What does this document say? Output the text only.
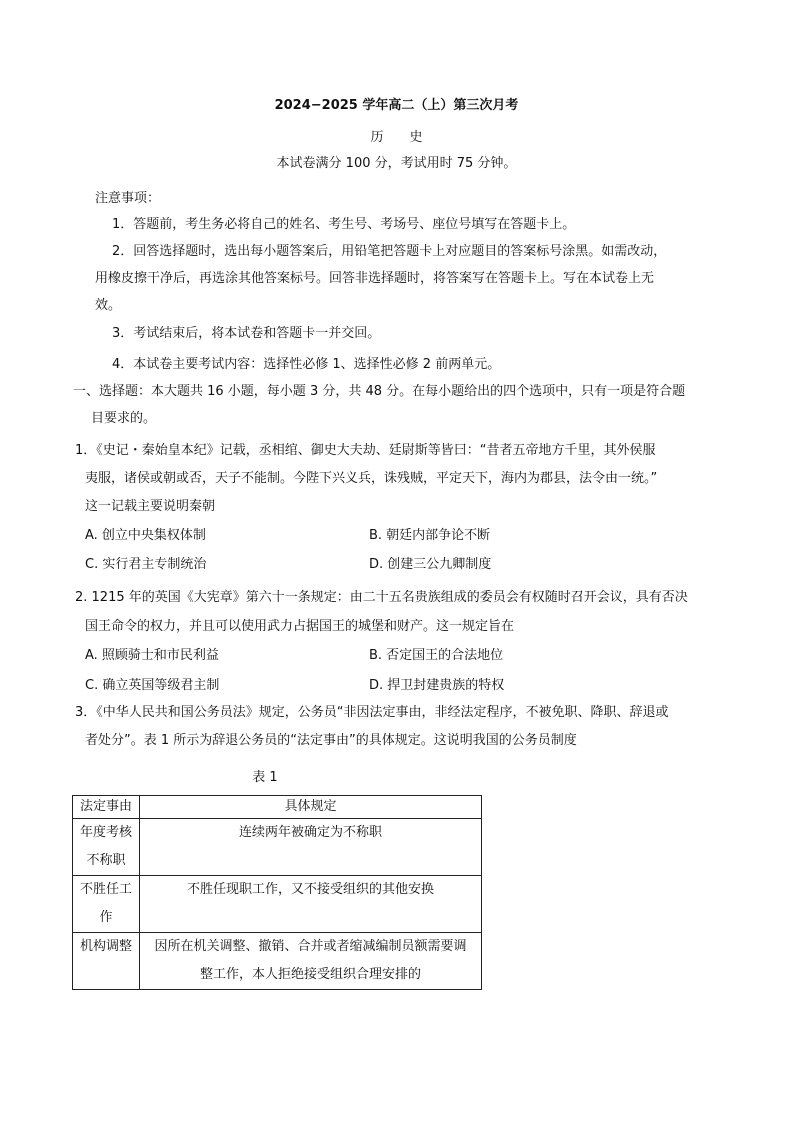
2024−2025 学年高二（上）第三次月考
历　　史
本试卷满分 100 分，考试用时 75 分钟。
注意事项：
1．答题前，考生务必将自己的姓名、考生号、考场号、座位号填写在答题卡上。
2．回答选择题时，选出每小题答案后，用铅笔把答题卡上对应题目的答案标号涂黑。如需改动，
用橡皮擦干净后，再选涂其他答案标号。回答非选择题时，将答案写在答题卡上。写在本试卷上无
效。
3．考试结束后，将本试卷和答题卡一并交回。
4．本试卷主要考试内容：选择性必修 1、选择性必修 2 前两单元。
一、选择题：本大题共 16 小题，每小题 3 分，共 48 分。在每小题给出的四个选项中，只有一项是符合题
目要求的。
1．《史记・秦始皇本纪》记载，丞相绾、御史大夫劫、廷尉斯等皆曰：“昔者五帝地方千里，其外侯服
夷服，诸侯或朝或否，天子不能制。今陛下兴义兵，诛残贼，平定天下，海内为郡县，法令由一统。”
这一记载主要说明秦朝
A. 创立中央集权体制	B. 朝廷内部争论不断
C. 实行君主专制统治	D. 创建三公九卿制度
2. 1215 年的英国《大宪章》第六十一条规定：由二十五名贵族组成的委员会有权随时召开会议，具有否决
国王命令的权力，并且可以使用武力占据国王的城堡和财产。这一规定旨在
A. 照顾骑士和市民利益	B. 否定国王的合法地位
C. 确立英国等级君主制	D. 捍卫封建贵族的特权
3．《中华人民共和国公务员法》规定，公务员“非因法定事由，非经法定程序，不被免职、降职、辞退或
者处分”。表 1 所示为辞退公务员的“法定事由”的具体规定。这说明我国的公务员制度
表 1
法定事由	具体规定

年度考核
不称职	连续两年被确定为不称职

不胜任工
作	不胜任现职工作，又不接受组织的其他安换

机构调整	因所在机关调整、撤销、合并或者缩减编制员额需要调
整工作，本人拒绝接受组织合理安排的
